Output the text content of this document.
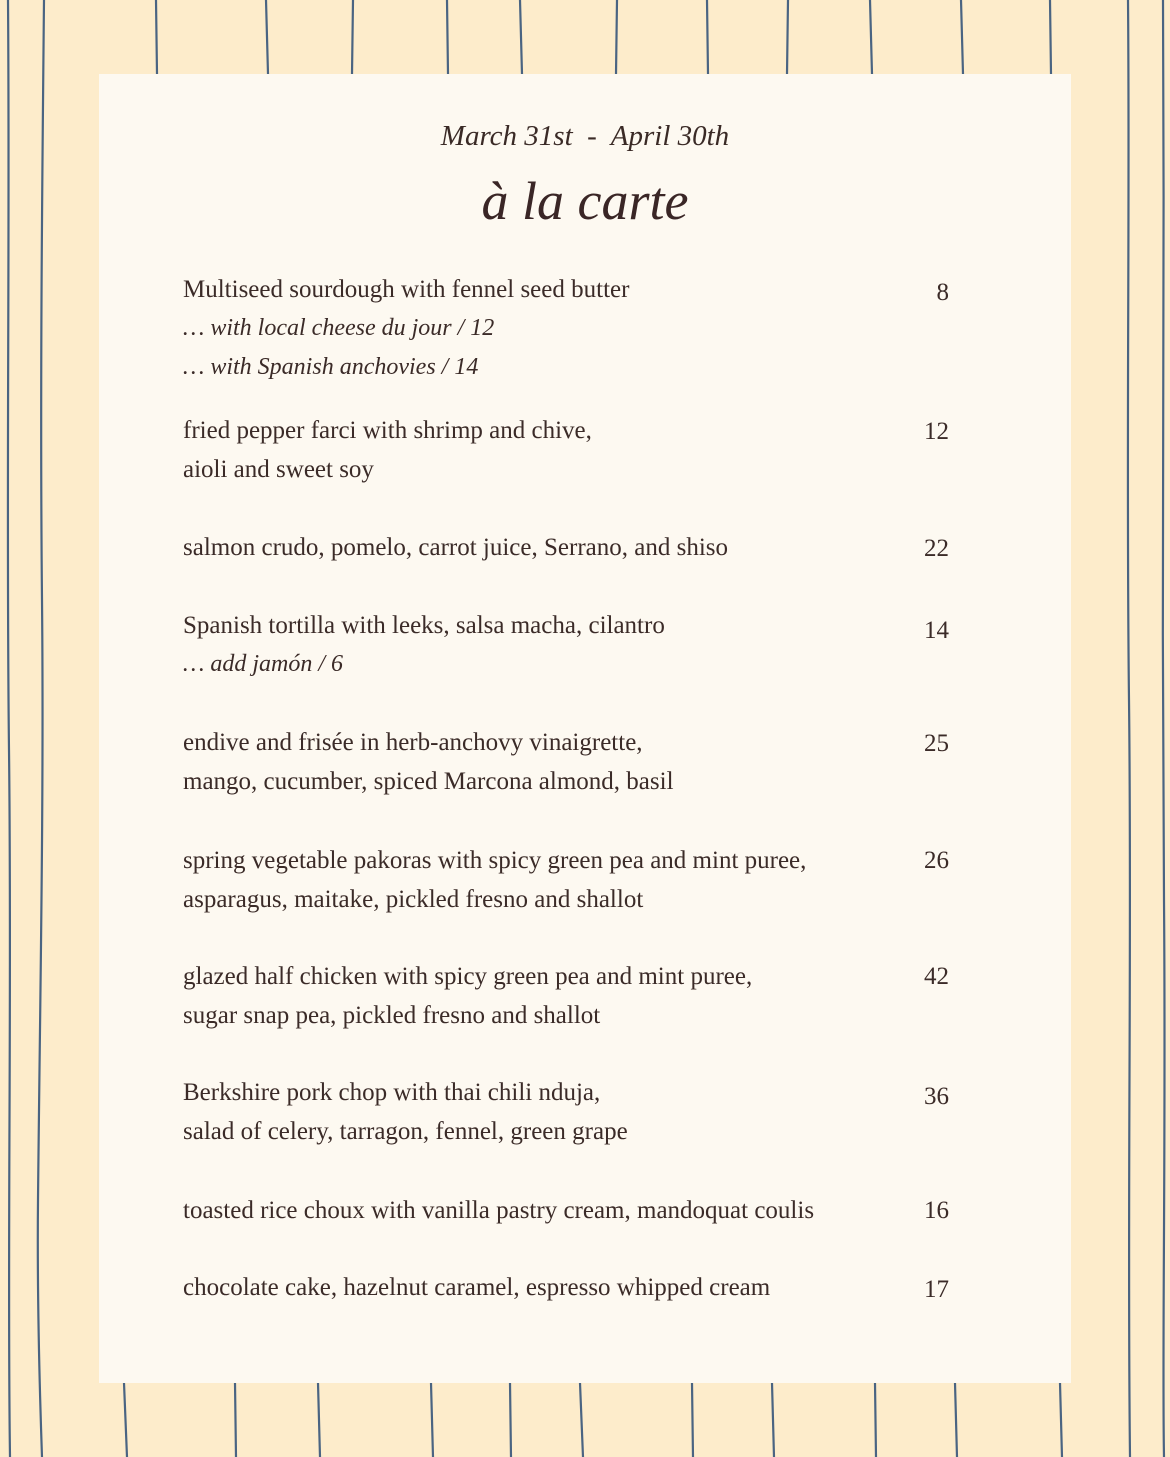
March 31st  -  April 30th
à la carte
Multiseed sourdough with fennel seed butter
… with local cheese du jour / 12
… with Spanish anchovies / 14
8
fried pepper farci with shrimp and chive,
aioli and sweet soy
12
salmon crudo, pomelo, carrot juice, Serrano, and shiso	22
Spanish tortilla with leeks, salsa macha, cilantro
… add jamón / 6
14
endive and frisée in herb-anchovy vinaigrette,
mango, cucumber, spiced Marcona almond, basil
25
spring vegetable pakoras with spicy green pea and mint puree,
asparagus, maitake, pickled fresno and shallot
26
glazed half chicken with spicy green pea and mint puree,
sugar snap pea, pickled fresno and shallot
42
Berkshire pork chop with thai chili nduja,
salad of celery, tarragon, fennel, green grape
36
toasted rice choux with vanilla pastry cream, mandoquat coulis	16
chocolate cake, hazelnut caramel, espresso whipped cream	17
